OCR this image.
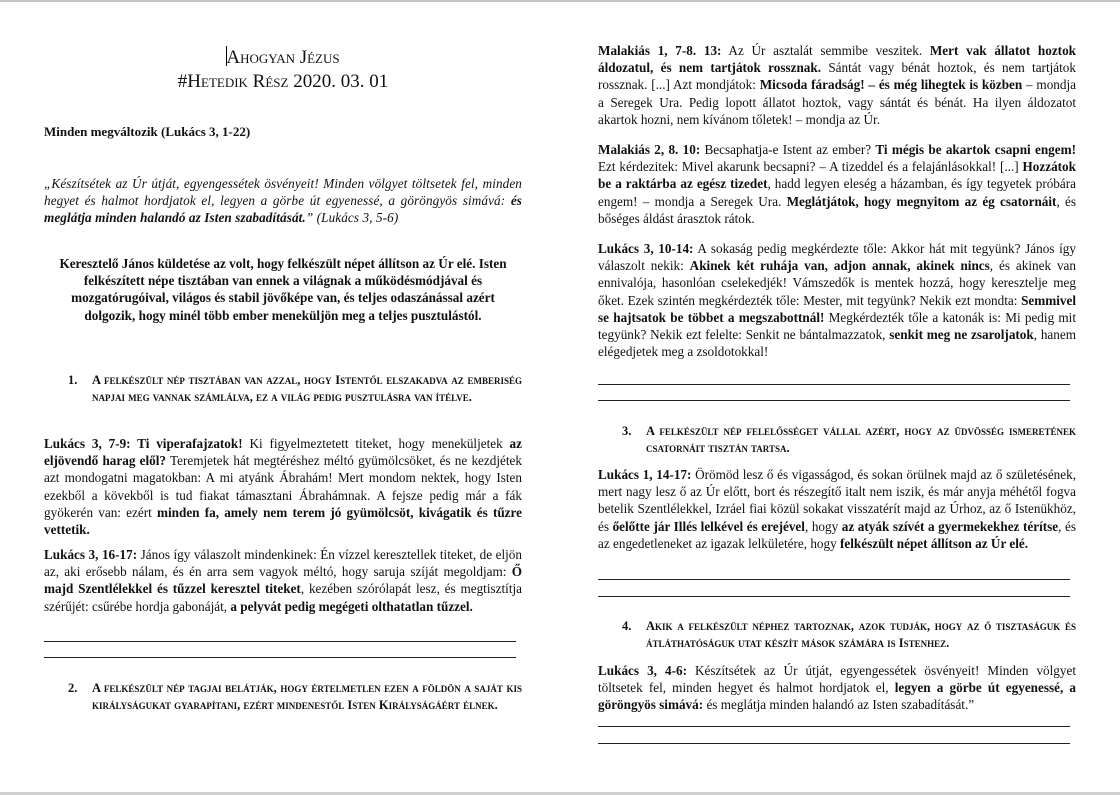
Ahogyan Jézus
#Hetedik Rész 2020. 03. 01
Minden megváltozik (Lukács 3, 1-22)
„Készítsétek az Úr útját, egyengessétek ösvényeit! Minden völgyet töltsetek fel, minden hegyet és halmot hordjatok el, legyen a görbe út egyenessé, a göröngyös simává: és meglátja minden halandó az Isten szabadítását.” (Lukács 3, 5-6)
Keresztelő János küldetése az volt, hogy felkészült népet állítson az Úr elé. Isten felkészített népe tisztában van ennek a világnak a működésmódjával és mozgatórugóival, világos és stabil jövőképe van, és teljes odaszánással azért dolgozik, hogy minél több ember meneküljön meg a teljes pusztulástól.
1.	A felkészült nép tisztában van azzal, hogy Istentől elszakadva az emberiség napjai meg vannak számlálva, ez a világ pedig pusztulásra van ítélve.
Lukács 3, 7-9: Ti viperafajzatok! Ki figyelmeztetett titeket, hogy meneküljetek az eljövendő harag elől? Teremjetek hát megtéréshez méltó gyümölcsöket, és ne kezdjétek azt mondogatni magatokban: A mi atyánk Ábrahám! Mert mondom nektek, hogy Isten ezekből a kövekből is tud fiakat támasztani Ábrahámnak. A fejsze pedig már a fák gyökerén van: ezért minden fa, amely nem terem jó gyümölcsöt, kivágatik és tűzre vettetik.
Lukács 3, 16-17: János így válaszolt mindenkinek: Én vízzel keresztellek titeket, de eljön az, aki erősebb nálam, és én arra sem vagyok méltó, hogy saruja szíját megoldjam: Ő majd Szentlélekkel és tűzzel keresztel titeket, kezében szórólapát lesz, és megtisztítja szérűjét: csűrébe hordja gabonáját, a pelyvát pedig megégeti olthatatlan tűzzel.
2.	A felkészült nép tagjai belátják, hogy értelmetlen ezen a földön a saját kis királyságukat gyarapítani, ezért mindenestől Isten Királyságáért élnek.
Malakiás 1, 7-8. 13: Az Úr asztalát semmibe veszitek. Mert vak állatot hoztok áldozatul, és nem tartjátok rossznak. Sántát vagy bénát hoztok, és nem tartjátok rossznak. [...] Azt mondjátok: Micsoda fáradság! – és még lihegtek is közben – mondja a Seregek Ura. Pedig lopott állatot hoztok, vagy sántát és bénát. Ha ilyen áldozatot akartok hozni, nem kívánom tőletek! – mondja az Úr.
Malakiás 2, 8. 10: Becsaphatja-e Istent az ember? Ti mégis be akartok csapni engem! Ezt kérdezitek: Mivel akarunk becsapni? – A tizeddel és a felajánlásokkal! [...] Hozzátok be a raktárba az egész tizedet, hadd legyen eleség a házamban, és így tegyetek próbára engem! – mondja a Seregek Ura. Meglátjátok, hogy megnyitom az ég csatornáit, és bőséges áldást árasztok rátok.
Lukács 3, 10-14: A sokaság pedig megkérdezte tőle: Akkor hát mit tegyünk? János így válaszolt nekik: Akinek két ruhája van, adjon annak, akinek nincs, és akinek van ennivalója, hasonlóan cselekedjék! Vámszedők is mentek hozzá, hogy keresztelje meg őket. Ezek szintén megkérdezték tőle: Mester, mit tegyünk? Nekik ezt mondta: Semmivel se hajtsatok be többet a megszabottnál! Megkérdezték tőle a katonák is: Mi pedig mit tegyünk? Nekik ezt felelte: Senkit ne bántalmazzatok, senkit meg ne zsaroljatok, hanem elégedjetek meg a zsoldotokkal!
3.	A felkészült nép felelősséget vállal azért, hogy az üdvösség ismeretének csatornáit tisztán tartsa.
Lukács 1, 14-17: Örömöd lesz ő és vigasságod, és sokan örülnek majd az ő születésének, mert nagy lesz ő az Úr előtt, bort és részegítő italt nem iszik, és már anyja méhétől fogva betelik Szentlélekkel, Izráel fiai közül sokakat visszatérít majd az Úrhoz, az ő Istenükhöz, és őelőtte jár Illés lelkével és erejével, hogy az atyák szívét a gyermekekhez térítse, és az engedetleneket az igazak lelkületére, hogy felkészült népet állítson az Úr elé.
4.	Akik a felkészült néphez tartoznak, azok tudják, hogy az ő tisztaságuk és átláthatóságuk utat készít mások számára is Istenhez.
Lukács 3, 4-6: Készítsétek az Úr útját, egyengessétek ösvényeit! Minden völgyet töltsetek fel, minden hegyet és halmot hordjatok el, legyen a görbe út egyenessé, a göröngyös simává: és meglátja minden halandó az Isten szabadítását.”
